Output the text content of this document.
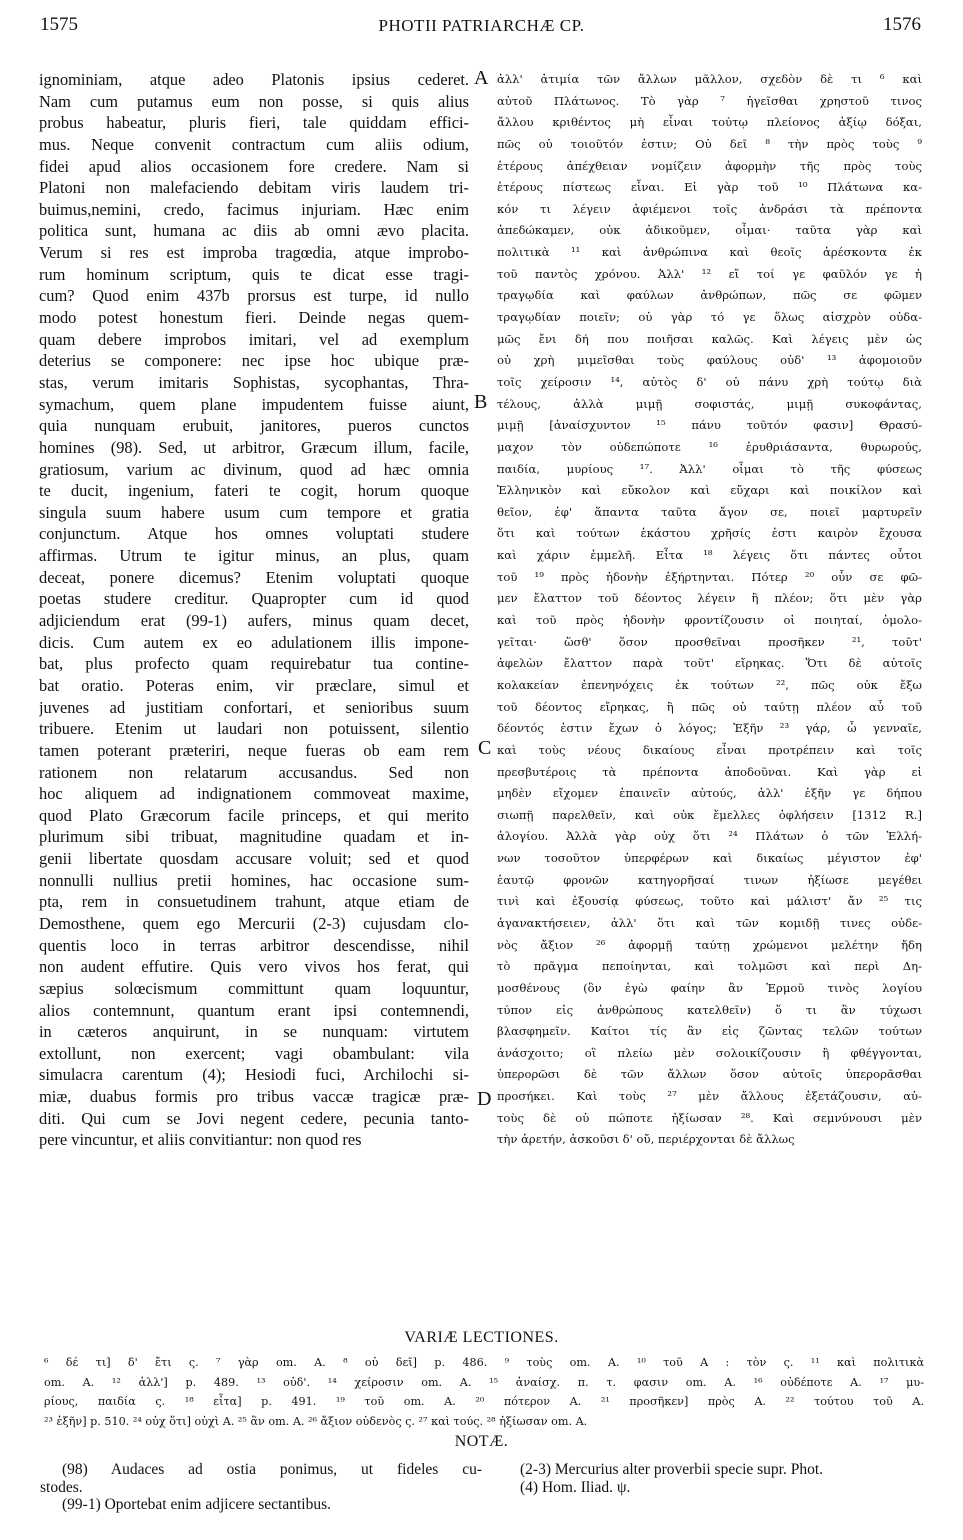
1575	PHOTII PATRIARCHÆ CP.	1576
ignominiam, atque adeo Platonis ipsius cederet.
Nam cum putamus eum non posse, si quis alius
probus habeatur, pluris fieri, tale quiddam effici-
mus. Neque convenit contractum cum aliis odium,
fidei apud alios occasionem fore credere. Nam si
Platoni non malefaciendo debitam viris laudem tri-
buimus,nemini, credo, facimus injuriam. Hæc enim
politica sunt, humana ac diis ab omni ævo placita.
Verum si res est improba tragœdia, atque improbo-
rum hominum scriptum, quis te dicat esse tragi-
cum? Quod enim 437b prorsus est turpe, id nullo
modo potest honestum fieri. Deinde negas quem-
quam debere improbos imitari, vel ad exemplum
deterius se componere: nec ipse hoc ubique præ-
stas, verum imitaris Sophistas, sycophantas, Thra-
symachum, quem plane impudentem fuisse aiunt,
quia nunquam erubuit, janitores, pueros cunctos
homines (98). Sed, ut arbitror, Græcum illum, facile,
gratiosum, varium ac divinum, quod ad hæc omnia
te ducit, ingenium, fateri te cogit, horum quoque
singula suum habere usum cum tempore et gratia
conjunctum. Atque hos omnes voluptati studere
affirmas. Utrum te igitur minus, an plus, quam
deceat, ponere dicemus? Etenim voluptati quoque
poetas studere creditur. Quapropter cum id quod
adjiciendum erat (99-1) aufers, minus quam decet,
dicis. Cum autem ex eo adulationem illis impone-
bat, plus profecto quam requirebatur tua contine-
bat oratio. Poteras enim, vir præclare, simul et
juvenes ad justitiam confortari, et senioribus suum
tribuere. Etenim ut laudari non potuissent, silentio
tamen poterant præteriri, neque fueras ob eam rem
rationem non relatarum accusandus. Sed non
hoc aliquem ad indignationem commoveat maxime,
quod Plato Græcorum facile princeps, et qui merito
plurimum sibi tribuat, magnitudine quadam et in-
genii libertate quosdam accusare voluit; sed et quod
nonnulli nullius pretii homines, hac occasione sum-
pta, rem in consuetudinem trahunt, atque etiam de
Demosthene, quem ego Mercurii (2-3) cujusdam clo-
quentis loco in terras arbitror descendisse, nihil
non audent effutire. Quis vero vivos hos ferat, qui
sæpius solœcismum committunt quam loquuntur,
alios contemnunt, quantum erant ipsi contemnendi,
in cæteros anquirunt, in se nunquam: virtutem
extollunt, non exercent; vagi obambulant: vila
simulacra carentum (4); Hesiodi fuci, Archilochi si-
miæ, duabus formis pro tribus vaccæ tragicæ præ-
diti. Qui cum se Jovi negent cedere, pecunia tanto-
pere vincuntur, et aliis convitiantur: non quod res
ἀλλ' ἀτιμία τῶν ἄλλων μᾶλλον, σχεδὸν δὲ τι ⁶ καὶ
αὐτοῦ Πλάτωνος. Τὸ γὰρ ⁷ ἡγεῖσθαι χρηστοῦ τινος
ἄλλου κριθέντος μὴ εἶναι τούτῳ πλείονος ἀξίῳ δόξαι,
πῶς οὐ τοιοῦτόν ἐστιν; Οὐ δεῖ ⁸ τὴν πρὸς τοὺς ⁹
ἑτέρους ἀπέχθειαν νομίζειν ἀφορμὴν τῆς πρὸς τοὺς
ἑτέρους πίστεως εἶναι. Εἰ γὰρ τοῦ ¹⁰ Πλάτωνα κα-
κόν τι λέγειν ἀφιέμενοι τοῖς ἀνδράσι τὰ πρέποντα
ἀπεδώκαμεν, οὐκ ἀδικοῦμεν, οἶμαι· ταῦτα γὰρ καὶ
πολιτικὰ ¹¹ καὶ ἀνθρώπινα καὶ θεοῖς ἀρέσκοντα ἐκ
τοῦ παντὸς χρόνου. Ἀλλ' ¹² εἴ τοί γε φαῦλόν γε ἡ
τραγῳδία καὶ φαύλων ἀνθρώπων, πῶς σε φῶμεν
τραγῳδίαν ποιεῖν; οὐ γὰρ τό γε ὅλως αἰσχρὸν οὐδα-
μῶς ἔνι δή που ποιῆσαι καλῶς. Καὶ λέγεις μὲν ὡς
οὐ χρὴ μιμεῖσθαι τοὺς φαύλους οὐδ' ¹³ ἀφομοιοῦν
τοῖς χείροσιν ¹⁴, αὐτὸς δ' οὐ πάνυ χρὴ τούτῳ διὰ
τέλους, ἀλλὰ μιμῇ σοφιστάς, μιμῇ συκοφάντας,
μιμῇ [ἀναίσχυντον ¹⁵ πάνυ τοῦτόν φασιν] Θρασύ-
μαχον τὸν οὐδεπώποτε ¹⁶ ἐρυθριάσαντα, θυρωρούς,
παιδία, μυρίους ¹⁷. Ἀλλ' οἶμαι τὸ τῆς φύσεως
Ἑλληνικὸν καὶ εὔκολον καὶ εὔχαρι καὶ ποικίλον καὶ
θεῖον, ἐφ' ἅπαντα ταῦτα ἄγον σε, ποιεῖ μαρτυρεῖν
ὅτι καὶ τούτων ἑκάστου χρῆσίς ἐστι καιρὸν ἔχουσα
καὶ χάριν ἐμμελῆ. Εἶτα ¹⁸ λέγεις ὅτι πάντες οὗτοι
τοῦ ¹⁹ πρὸς ἡδονὴν ἐξήρτηνται. Πότερ ²⁰ οὖν σε φῶ-
μεν ἔλαττον τοῦ δέοντος λέγειν ἢ πλέον; ὅτι μὲν γὰρ
καὶ τοῦ πρὸς ἡδονὴν φροντίζουσιν οἱ ποιηταί, ὁμολο-
γεῖται· ὥσθ' ὅσον προσθεῖναι προσῆκεν ²¹, τοῦτ'
ἀφελὼν ἔλαττον παρὰ τοῦτ' εἴρηκας. Ὅτι δὲ αὐτοῖς
κολακείαν ἐπενηνόχεις ἐκ τούτων ²², πῶς οὐκ ἔξω
τοῦ δέοντος εἴρηκας, ἢ πῶς οὐ ταύτῃ πλέον αὖ τοῦ
δέοντός ἐστιν ἔχων ὁ λόγος; Ἐξῆν ²³ γάρ, ὦ γενναῖε,
καὶ τοὺς νέους δικαίους εἶναι προτρέπειν καὶ τοῖς
πρεσβυτέροις τὰ πρέποντα ἀποδοῦναι. Καὶ γὰρ εἰ
μηδὲν εἴχομεν ἐπαινεῖν αὐτούς, ἀλλ' ἐξῆν γε δήπου
σιωπῇ παρελθεῖν, καὶ οὐκ ἔμελλες ὀφλήσειν [1312 R.]
ἀλογίου. Ἀλλὰ γὰρ οὐχ ὅτι ²⁴ Πλάτων ὁ τῶν Ἑλλή-
νων τοσοῦτον ὑπερφέρων καὶ δικαίως μέγιστον ἐφ'
ἑαυτῷ φρονῶν κατηγορῆσαί τινων ἠξίωσε μεγέθει
τινὶ καὶ ἐξουσίᾳ φύσεως, τοῦτο καὶ μάλιστ' ἄν ²⁵ τις
ἀγανακτήσειεν, ἀλλ' ὅτι καὶ τῶν κομιδῇ τινες οὐδε-
νὸς ἄξιον ²⁶ ἀφορμῇ ταύτῃ χρώμενοι μελέτην ἤδη
τὸ πρᾶγμα πεποίηνται, καὶ τολμῶσι καὶ περὶ Δη-
μοσθένους (ὃν ἐγὼ φαίην ἂν Ἑρμοῦ τινὸς λογίου
τύπον εἰς ἀνθρώπους κατελθεῖν) ὅ τι ἂν τύχωσι
βλασφημεῖν. Καίτοι τίς ἂν εἰς ζῶντας τελῶν τούτων
ἀνάσχοιτο; οἳ πλείω μὲν σολοικίζουσιν ἢ φθέγγονται,
ὑπερορῶσι δὲ τῶν ἄλλων ὅσον αὐτοῖς ὑπερορᾶσθαι
προσήκει. Καὶ τοὺς ²⁷ μὲν ἄλλους ἐξετάζουσιν, αὐ-
τοὺς δὲ οὐ πώποτε ἠξίωσαν ²⁸. Καὶ σεμνύνουσι μὲν
τὴν ἀρετήν, ἀσκοῦσι δ' οὔ, περιέρχονται δὲ ἄλλως
A
B
C
D
VARIÆ LECTIONES.
⁶ δέ τι] δ' ἔτι ς. ⁷ γὰρ om. A. ⁸ οὐ δεῖ] p. 486. ⁹ τοὺς om. A. ¹⁰ τοῦ A : τὸν ς. ¹¹ καὶ πολιτικὰ
om. A. ¹² ἀλλ'] p. 489. ¹³ οὐδ'. ¹⁴ χείροσιν om. A. ¹⁵ ἀναίσχ. π. τ. φασιν om. A. ¹⁶ οὐδέποτε A. ¹⁷ μυ-
ρίους, παιδία ς. ¹⁸ εἶτα] p. 491. ¹⁹ τοῦ om. A. ²⁰ πότερον A. ²¹ προσῆκεν] πρὸς A. ²² τούτου τοῦ A.
²³ ἐξῆν] p. 510. ²⁴ οὐχ ὅτι] οὐχὶ A. ²⁵ ἂν om. A. ²⁶ ἄξιον οὐδενὸς ς. ²⁷ καὶ τούς. ²⁸ ἠξίωσαν om. A.
NOTÆ.
(98) Audaces ad ostia ponimus, ut fideles cu-
stodes.
(99-1) Oportebat enim adjicere sectantibus.
(2-3) Mercurius alter proverbii specie supr. Phot.
(4) Hom. Iliad. ψ.
